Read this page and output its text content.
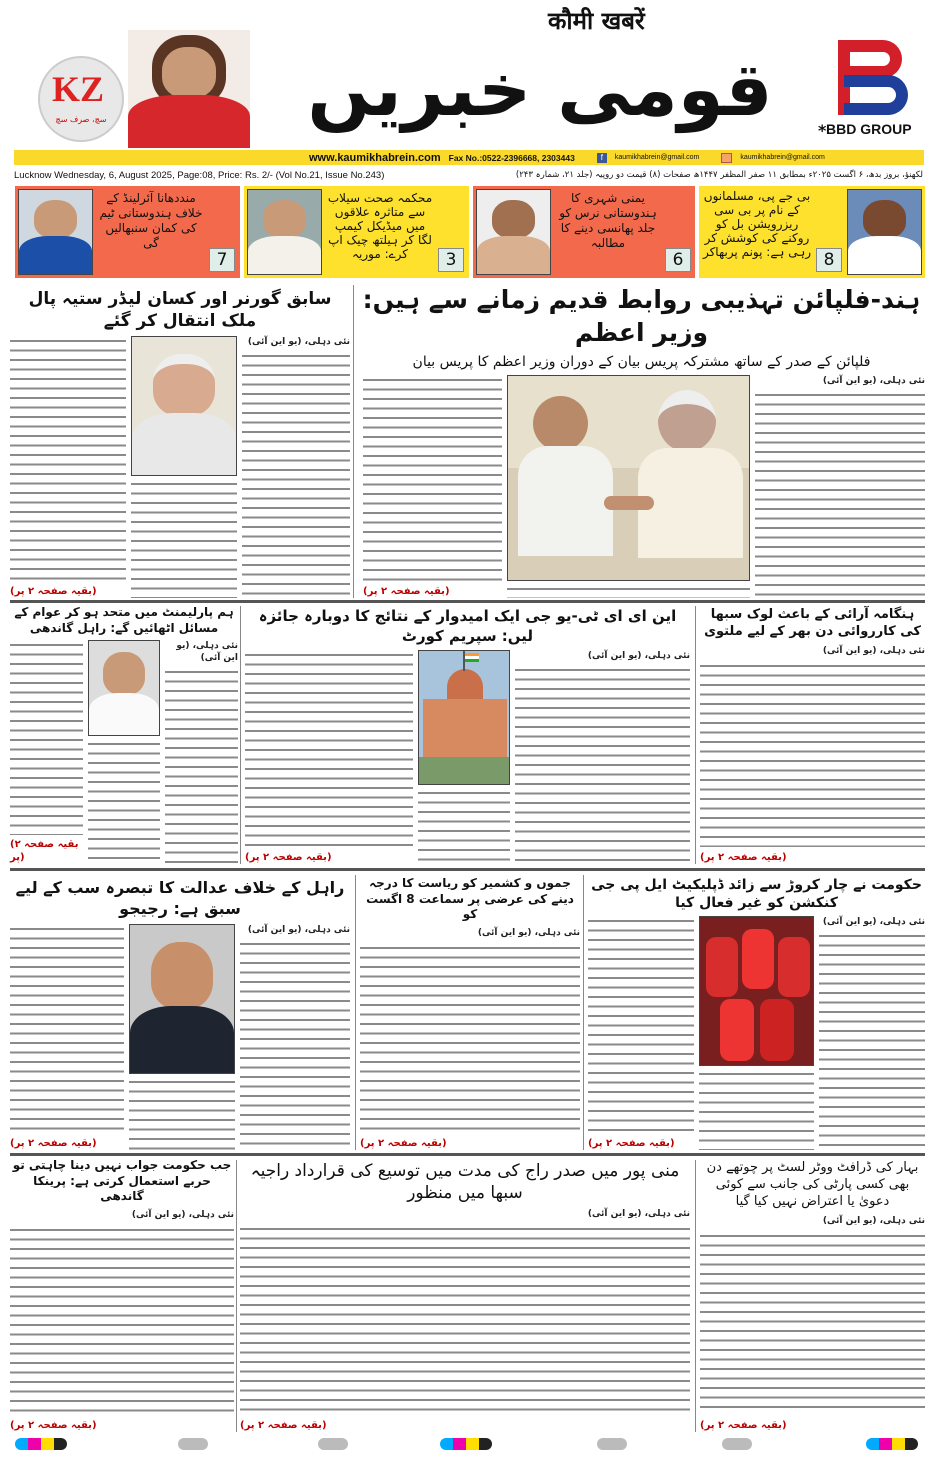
KZ
سچ، صرف سچ
कौमी खबरें
قومی خبریں	* BBD GROUP
www.kaumikhabrein.com Fax No.:0522-2396668, 2303443	f	kaumikhabrein@gmail.com	kaumikhabrein@gmail.com
Lucknow Wednesday, 6, August 2025, Page:08, Price: Rs. 2/- (Vol No.21, Issue No.243)	لکھنؤ، بروز بدھ، ۶ اگست ۲۰۲۵ء بمطابق ۱۱ صفر المظفر ۱۴۴۷ھ صفحات (۸) قیمت دو روپیہ (جلد ۲۱، شمارہ ۲۴۳)
منددھانا آئرلینڈ کے خلاف ہندوستانی ٹیم کی کمان سنبھالیں گی
7
محکمہ صحت سیلاب سے متاثرہ علاقوں میں میڈیکل کیمپ لگا کر ہیلتھ چیک اپ کرے: موریہ	3
یمنی شہری کا ہندوستانی نرس کو جلد پھانسی دینے کا مطالبہ
6
بی جے پی، مسلمانوں کے نام پر بی سی ریزرویشن بل کو روکنے کی کوشش کر رہی ہے: پونم پربھاکر 8
ہند-فلپائن تہذیبی روابط قدیم زمانے سے ہیں: وزیر اعظم
فلپائن کے صدر کے ساتھ مشترکہ پریس بیان کے دوران وزیر اعظم کا پریس بیان
نئی دہلی، (یو این آئی)
(بقیہ صفحہ ۲ پر)
سابق گورنر اور کسان لیڈر ستیہ پال ملک انتقال کر گئے
نئی دہلی، (یو این آئی)
(بقیہ صفحہ ۲ پر)
ہنگامہ آرائی کے باعث لوک سبھا کی کارروائی دن بھر کے لیے ملتوی
نئی دہلی، (یو این آئی)
(بقیہ صفحہ ۲ پر)
این ای ای ٹی-یو جی ایک امیدوار کے نتائج کا دوبارہ جائزہ لیں: سپریم کورٹ
نئی دہلی، (یو این آئی)
(بقیہ صفحہ ۲ پر)
ہم پارلیمنٹ میں متحد ہو کر عوام کے مسائل اٹھائیں گے: راہل گاندھی
نئی دہلی، (یو این آئی)
(بقیہ صفحہ ۲ پر)
حکومت نے چار کروڑ سے زائد ڈپلیکیٹ ایل پی جی کنکشن کو غیر فعال کیا
نئی دہلی، (یو این آئی)
(بقیہ صفحہ ۲ پر)
جموں و کشمیر کو ریاست کا درجہ دینے کی عرضی پر سماعت 8 اگست کو
نئی دہلی، (یو این آئی)
(بقیہ صفحہ ۲ پر)
راہل کے خلاف عدالت کا تبصرہ سب کے لیے سبق ہے: رجیجو
نئی دہلی، (یو این آئی)
(بقیہ صفحہ ۲ پر)
بہار کی ڈرافٹ ووٹر لسٹ پر چوتھے دن بھی کسی پارٹی کی جانب سے کوئی دعویٰ یا اعتراض نہیں کیا گیا
نئی دہلی، (یو این آئی)
(بقیہ صفحہ ۲ پر)
منی پور میں صدر راج کی مدت میں توسیع کی قرارداد راجیہ سبھا میں منظور
نئی دہلی، (یو این آئی)
(بقیہ صفحہ ۲ پر)
جب حکومت جواب نہیں دینا چاہتی تو حربے استعمال کرتی ہے: پرینکا گاندھی
نئی دہلی، (یو این آئی)
(بقیہ صفحہ ۲ پر)
